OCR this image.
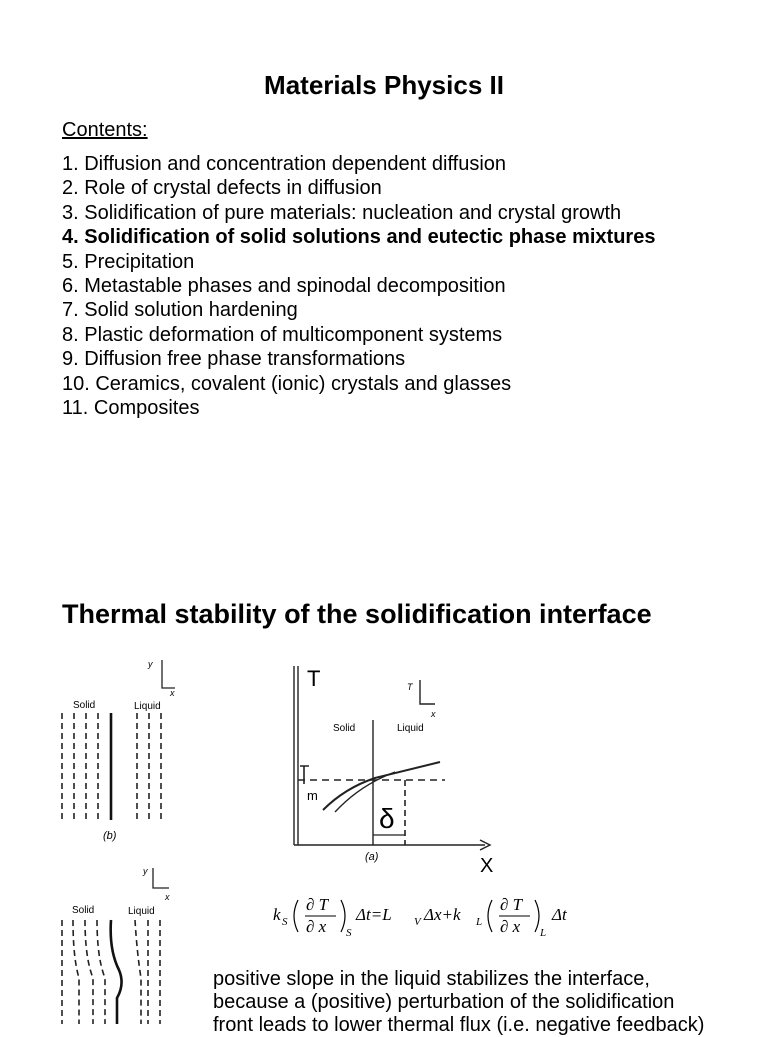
Materials Physics II
Contents:
1. Diffusion and concentration dependent diffusion
2. Role of crystal defects in diffusion
3. Solidification of pure materials: nucleation and crystal growth
4. Solidification of solid solutions and eutectic phase mixtures
5. Precipitation
6. Metastable phases and spinodal decomposition
7. Solid solution hardening
8. Plastic deformation of multicomponent systems
9. Diffusion free phase transformations
10. Ceramics, covalent (ionic) crystals and glasses
11. Composites
Thermal stability of the solidification interface
y
x
Solid	Liquid
(b)
T
X
T
x
Solid	Liquid
m
δ
(a)
y
x
Solid	Liquid	k S
∂ T
∂ x S
Δt=L V Δx+k L
∂ T
∂ x L
Δt
positive slope in the liquid stabilizes the interface,
because a (positive) perturbation of the solidification
front leads to lower thermal flux (i.e. negative feedback)
